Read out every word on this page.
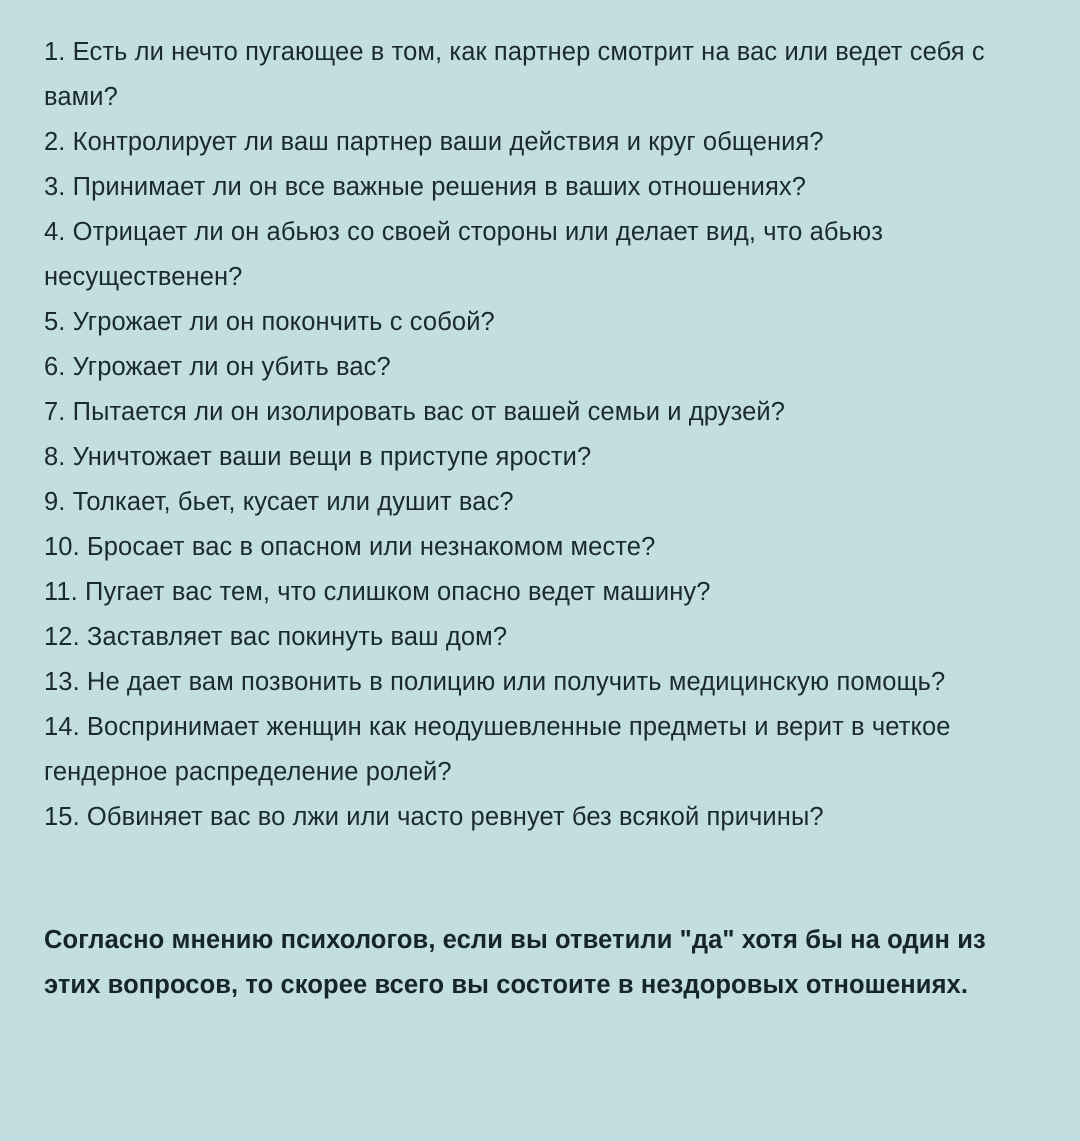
1. Есть ли нечто пугающее в том, как партнер смотрит на вас или ведет себя с вами?
2. Контролирует ли ваш партнер ваши действия и круг общения?
3. Принимает ли он все важные решения в ваших отношениях?
4. Отрицает ли он абьюз со своей стороны или делает вид, что абьюз несущественен?
5. Угрожает ли он покончить с собой?
6. Угрожает ли он убить вас?
7. Пытается ли он изолировать вас от вашей семьи и друзей?
8. Уничтожает ваши вещи в приступе ярости?
9. Толкает, бьет, кусает или душит вас?
10. Бросает вас в опасном или незнакомом месте?
11. Пугает вас тем, что слишком опасно ведет машину?
12. Заставляет вас покинуть ваш дом?
13. Не дает вам позвонить в полицию или получить медицинскую помощь?
14. Воспринимает женщин как неодушевленные предметы и верит в четкое гендерное распределение ролей?
15. Обвиняет вас во лжи или часто ревнует без всякой причины?

Согласно мнению психологов, если вы ответили "да" хотя бы на один из этих вопросов, то скорее всего вы состоите в нездоровых отношениях.
